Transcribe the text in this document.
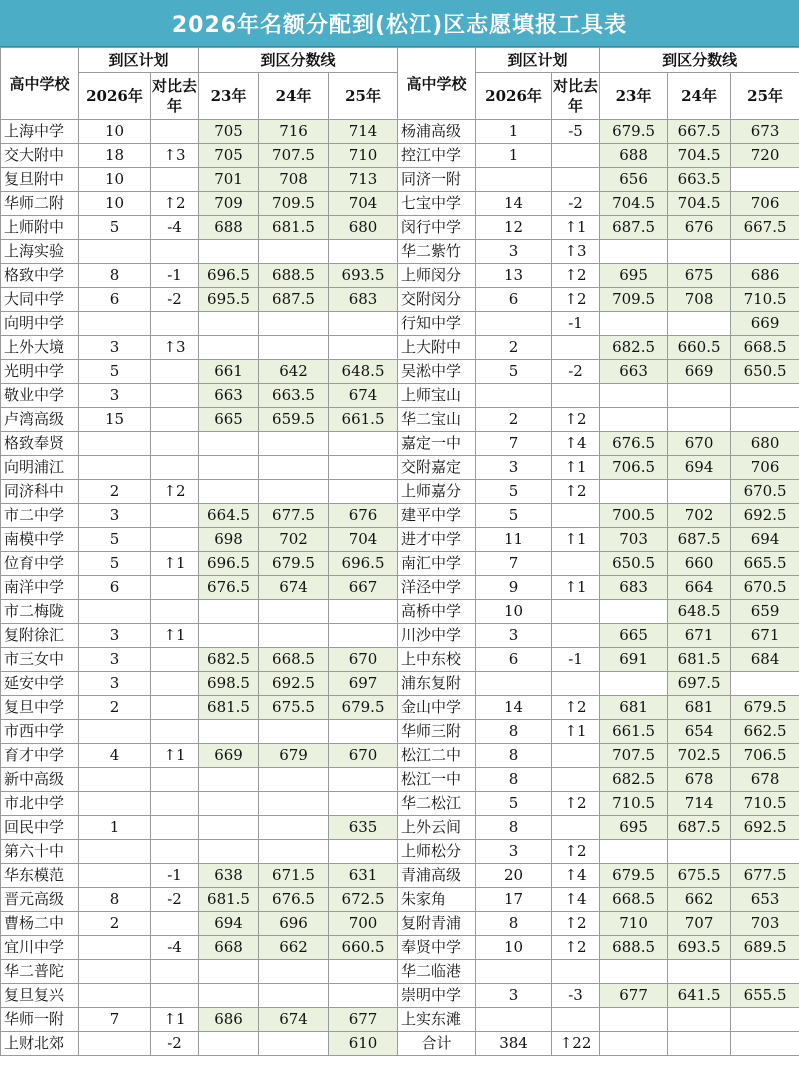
2026年名额分配到(松江)区志愿填报工具表
高中学校	到区计划		到区分数线			高中学校	到区计划		到区分数线		
	2026年	对比去年	23年	24年	25年		2026年	对比去年	23年	24年	25年
上海中学	10		705	716	714	杨浦高级	1	-5	679.5	667.5	673
交大附中	18	↑3	705	707.5	710	控江中学	1		688	704.5	720
复旦附中	10		701	708	713	同济一附			656	663.5	
华师二附	10	↑2	709	709.5	704	七宝中学	14	-2	704.5	704.5	706
上师附中	5	-4	688	681.5	680	闵行中学	12	↑1	687.5	676	667.5
上海实验						华二紫竹	3	↑3			
格致中学	8	-1	696.5	688.5	693.5	上师闵分	13	↑2	695	675	686
大同中学	6	-2	695.5	687.5	683	交附闵分	6	↑2	709.5	708	710.5
向明中学						行知中学		-1			669
上外大境	3	↑3				上大附中	2		682.5	660.5	668.5
光明中学	5		661	642	648.5	吴淞中学	5	-2	663	669	650.5
敬业中学	3		663	663.5	674	上师宝山					
卢湾高级	15		665	659.5	661.5	华二宝山	2	↑2			
格致奉贤						嘉定一中	7	↑4	676.5	670	680
向明浦江						交附嘉定	3	↑1	706.5	694	706
同济科中	2	↑2				上师嘉分	5	↑2			670.5
市二中学	3		664.5	677.5	676	建平中学	5		700.5	702	692.5
南模中学	5		698	702	704	进才中学	11	↑1	703	687.5	694
位育中学	5	↑1	696.5	679.5	696.5	南汇中学	7		650.5	660	665.5
南洋中学	6		676.5	674	667	洋泾中学	9	↑1	683	664	670.5
市二梅陇						高桥中学	10			648.5	659
复附徐汇	3	↑1				川沙中学	3		665	671	671
市三女中	3		682.5	668.5	670	上中东校	6	-1	691	681.5	684
延安中学	3		698.5	692.5	697	浦东复附				697.5	
复旦中学	2		681.5	675.5	679.5	金山中学	14	↑2	681	681	679.5
市西中学						华师三附	8	↑1	661.5	654	662.5
育才中学	4	↑1	669	679	670	松江二中	8		707.5	702.5	706.5
新中高级						松江一中	8		682.5	678	678
市北中学						华二松江	5	↑2	710.5	714	710.5
回民中学	1				635	上外云间	8		695	687.5	692.5
第六十中						上师松分	3	↑2			
华东模范		-1	638	671.5	631	青浦高级	20	↑4	679.5	675.5	677.5
晋元高级	8	-2	681.5	676.5	672.5	朱家角	17	↑4	668.5	662	653
曹杨二中	2		694	696	700	复附青浦	8	↑2	710	707	703
宜川中学		-4	668	662	660.5	奉贤中学	10	↑2	688.5	693.5	689.5
华二普陀						华二临港					
复旦复兴						崇明中学	3	-3	677	641.5	655.5
华师一附	7	↑1	686	674	677	上实东滩					
上财北郊		-2			610	合计	384	↑22			
